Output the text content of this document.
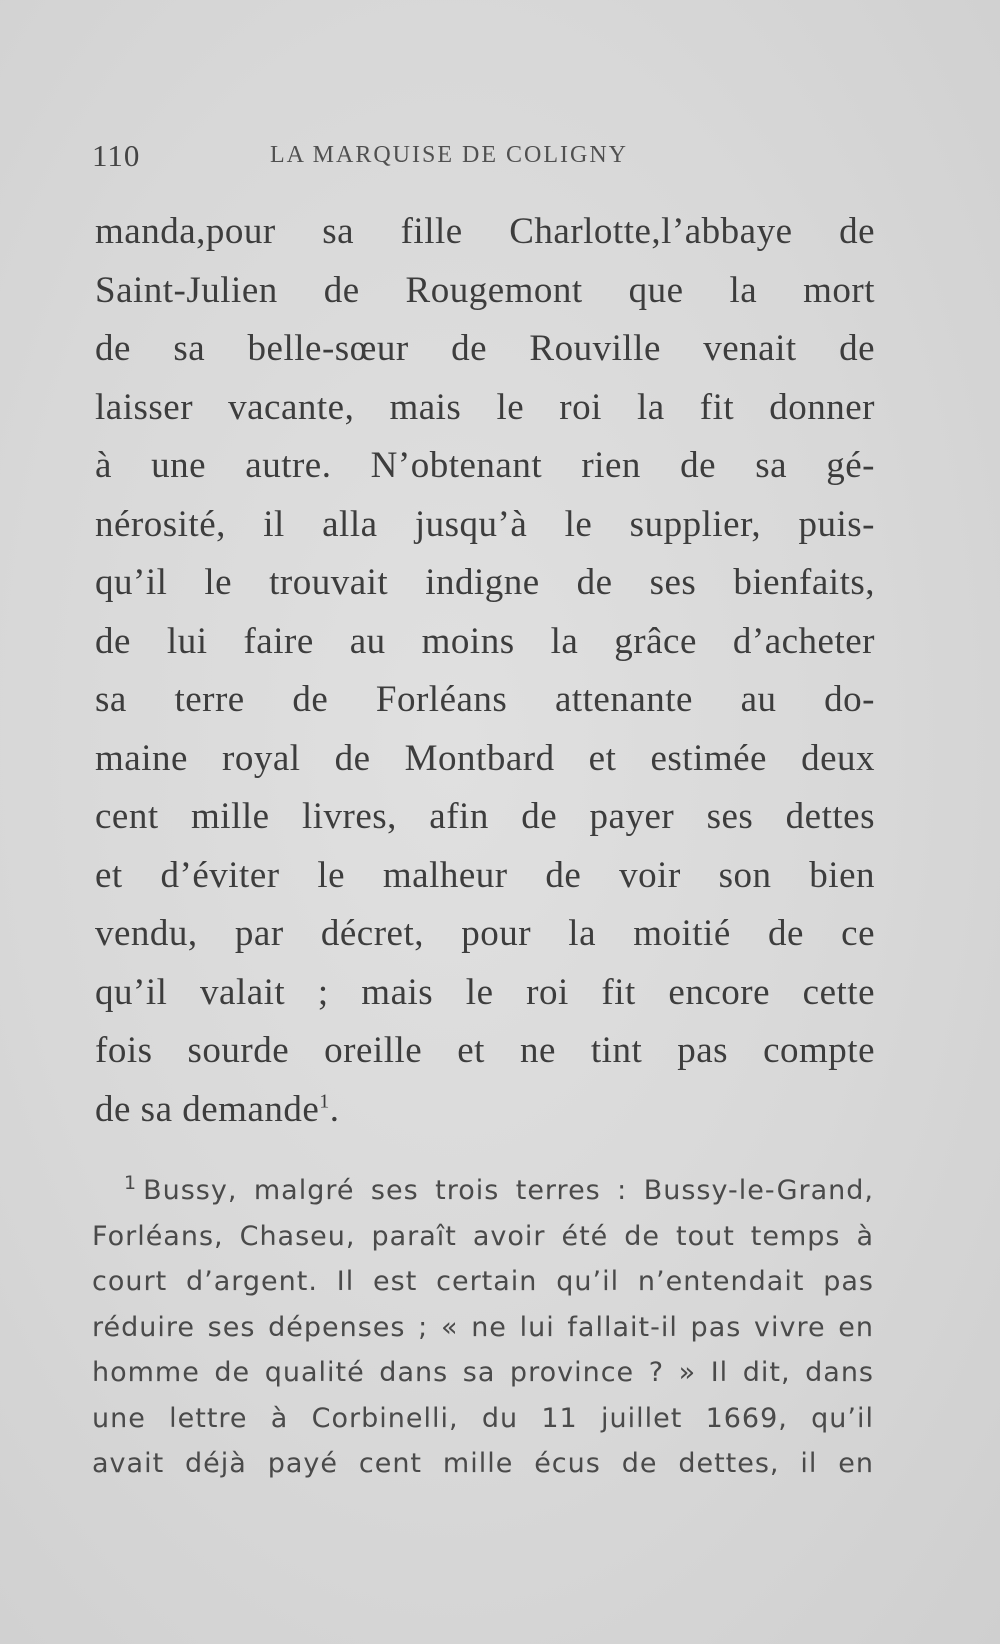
110	LA MARQUISE DE COLIGNY
manda,pour sa fille Charlotte,l’abbaye de
Saint-Julien de Rougemont que la mort
de sa belle-sœur de Rouville venait de
laisser vacante, mais le roi la fit donner
à une autre. N’obtenant rien de sa gé-
nérosité, il alla jusqu’à le supplier, puis-
qu’il le trouvait indigne de ses bienfaits,
de lui faire au moins la grâce d’acheter
sa terre de Forléans attenante au do-
maine royal de Montbard et estimée deux
cent mille livres, afin de payer ses dettes
et d’éviter le malheur de voir son bien
vendu, par décret, pour la moitié de ce
qu’il valait ; mais le roi fit encore cette
fois sourde oreille et ne tint pas compte
de sa demande$^1$.
$^1$ Bussy, malgré ses trois terres : Bussy-le-Grand,
Forléans, Chaseu, paraît avoir été de tout temps à
court d’argent. Il est certain qu’il n’entendait pas
réduire ses dépenses ; « ne lui fallait-il pas vivre en
homme de qualité dans sa province ? » Il dit, dans
une lettre à Corbinelli, du 11 juillet 1669, qu’il
avait déjà payé cent mille écus de dettes, il en
